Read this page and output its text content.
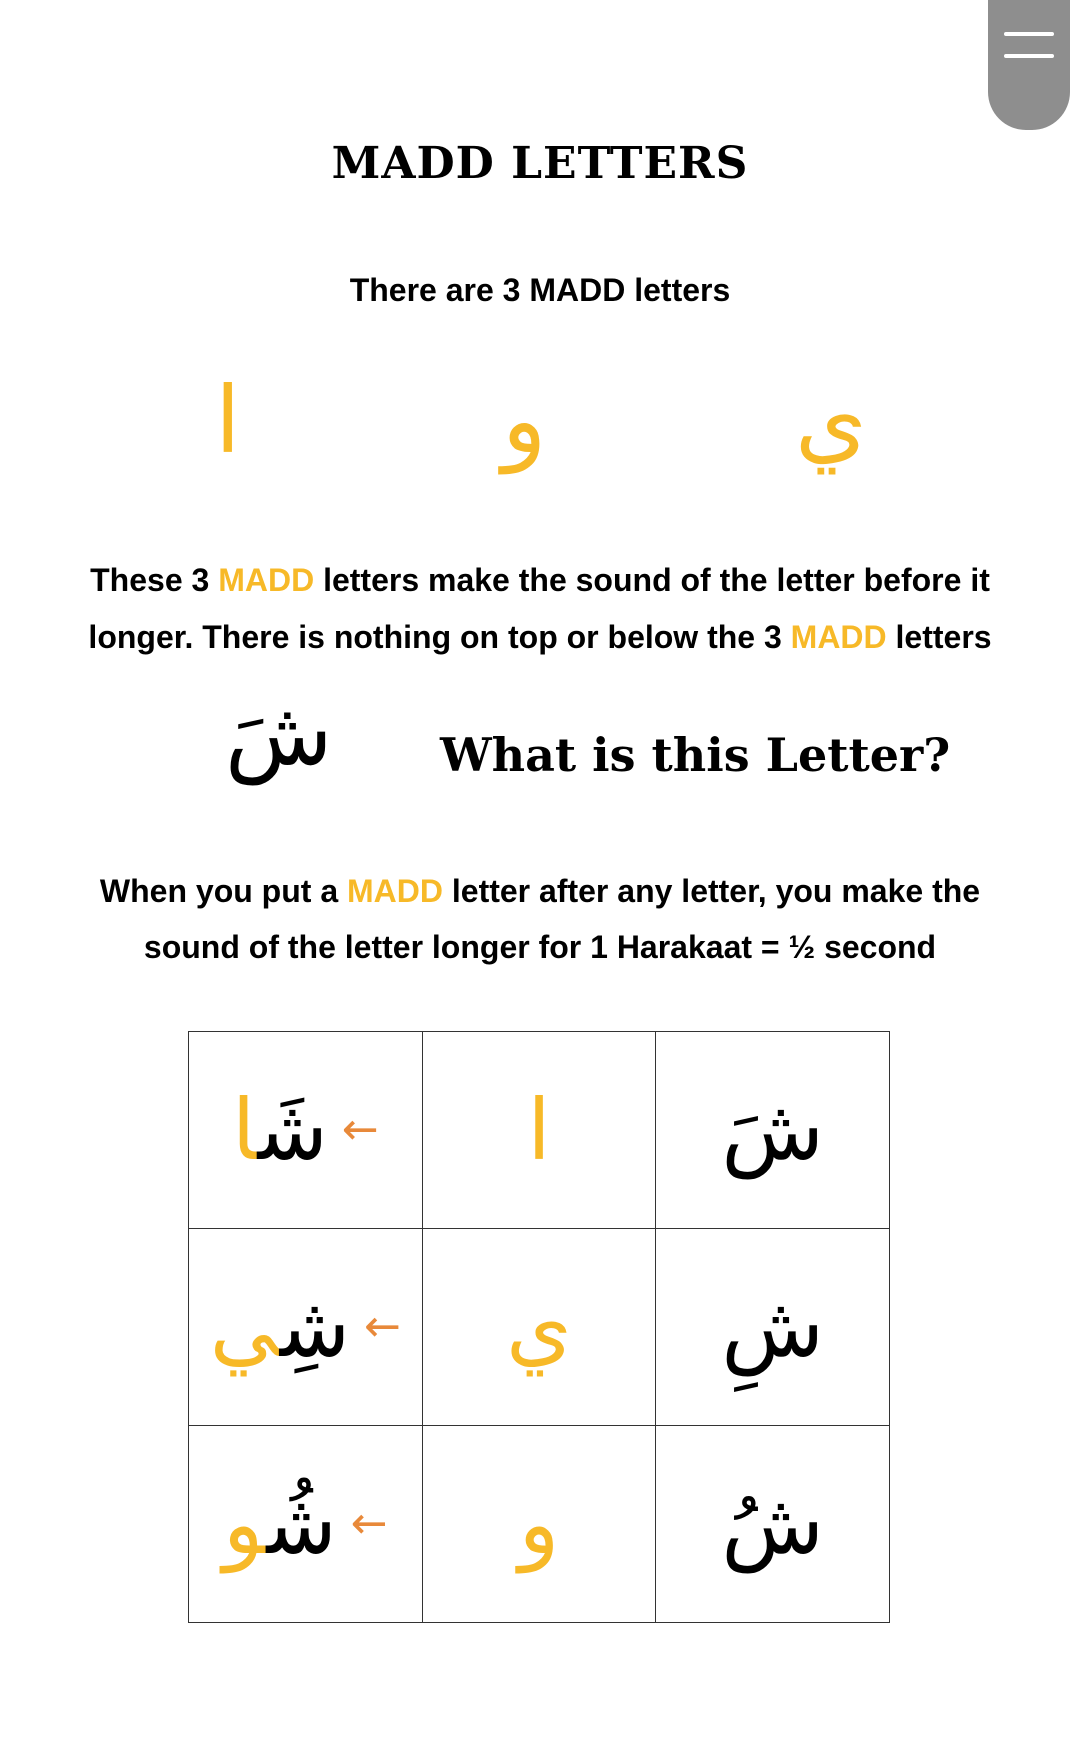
MADD LETTERS
There are 3 MADD letters
ا	و	ي
These 3 MADD letters make the sound of the letter before it
longer. There is nothing on top or below the 3 MADD letters
شَ What is this Letter?
When you put a MADD letter after any letter, you make the
sound of the letter longer for 1 Harakaat = ½ second
شَا ←	ا	شَ

شِي ←	ي	شِ

شُو ←	و	شُ
